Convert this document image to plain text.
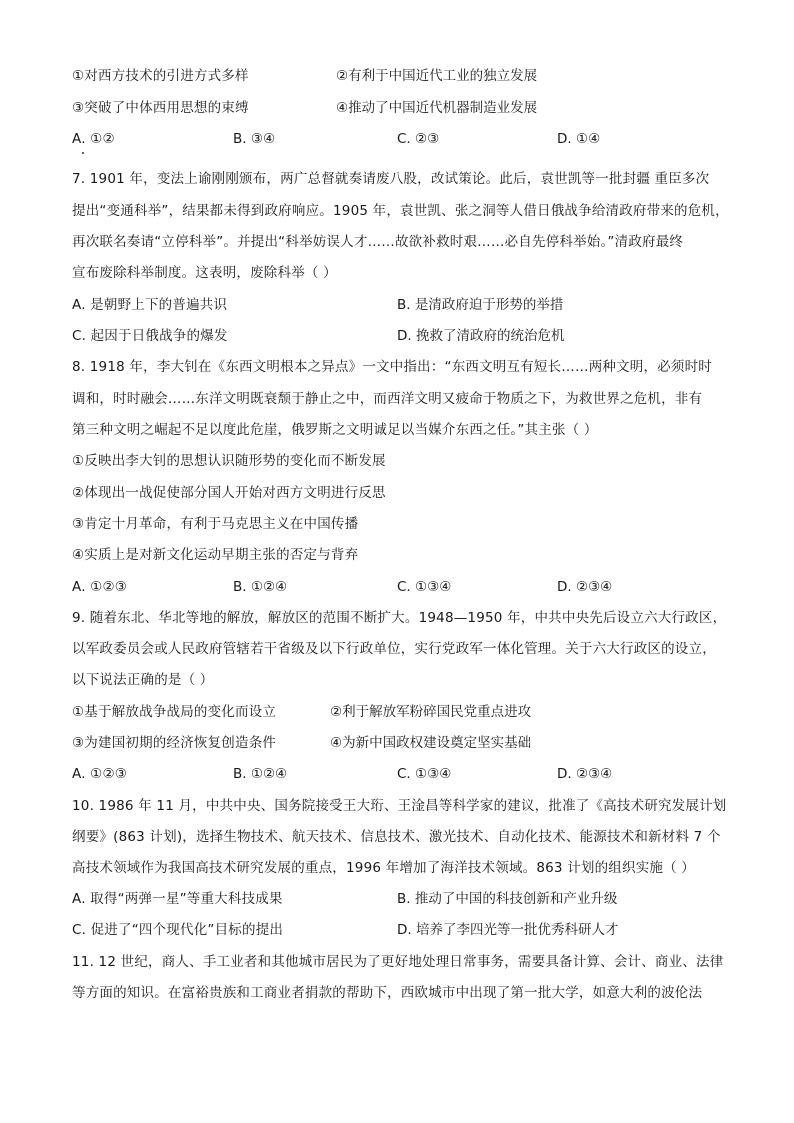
①对西方技术的引进方式多样	②有利于中国近代工业的独立发展
③突破了中体西用思想的束缚	④推动了中国近代机器制造业发展
A. ①②	B. ③④	C. ②③	D. ①④
7. 1901 年，变法上谕刚刚颁布，两广总督就奏请废八股，改试策论。此后，袁世凯等一批封疆 重臣多次
提出“变通科举”，结果都未得到政府响应。1905 年，袁世凯、张之洞等人借日俄战争给清政府带来的危机，
再次联名奏请“立停科举”。并提出“科举妨误人才……故欲补救时艰……必自先停科举始。”清政府最终
宣布废除科举制度。这表明，废除科举（ ）
A. 是朝野上下的普遍共识	B. 是清政府迫于形势的举措
C. 起因于日俄战争的爆发	D. 挽救了清政府的统治危机
8. 1918 年，李大钊在《东西文明根本之异点》一文中指出：“东西文明互有短长……两种文明，必须时时
调和，时时融会……东洋文明既衰颓于静止之中，而西洋文明又疲命于物质之下，为救世界之危机，非有
第三种文明之崛起不足以度此危崖，俄罗斯之文明诚足以当媒介东西之任。”其主张（ ）
①反映出李大钊的思想认识随形势的变化而不断发展
②体现出一战促使部分国人开始对西方文明进行反思
③肯定十月革命，有利于马克思主义在中国传播
④实质上是对新文化运动早期主张的否定与背弃
A. ①②③	B. ①②④	C. ①③④	D. ②③④
9. 随着东北、华北等地的解放，解放区的范围不断扩大。1948—1950 年，中共中央先后设立六大行政区，
以军政委员会或人民政府管辖若干省级及以下行政单位，实行党政军一体化管理。关于六大行政区的设立，
以下说法正确的是（ ）
①基于解放战争战局的变化而设立	②利于解放军粉碎国民党重点进攻
③为建国初期的经济恢复创造条件	④为新中国政权建设奠定坚实基础
A. ①②③	B. ①②④	C. ①③④	D. ②③④
10. 1986 年 11 月，中共中央、国务院接受王大珩、王淦昌等科学家的建议，批准了《高技术研究发展计划
纲要》(863 计划)，选择生物技术、航天技术、信息技术、激光技术、自动化技术、能源技术和新材料 7 个
高技术领域作为我国高技术研究发展的重点，1996 年增加了海洋技术领域。863 计划的组织实施（ ）
A. 取得“两弹一星”等重大科技成果	B. 推动了中国的科技创新和产业升级
C. 促进了“四个现代化”目标的提出	D. 培养了李四光等一批优秀科研人才
11. 12 世纪，商人、手工业者和其他城市居民为了更好地处理日常事务，需要具备计算、会计、商业、法律
等方面的知识。在富裕贵族和工商业者捐款的帮助下，西欧城市中出现了第一批大学，如意大利的波伦法
